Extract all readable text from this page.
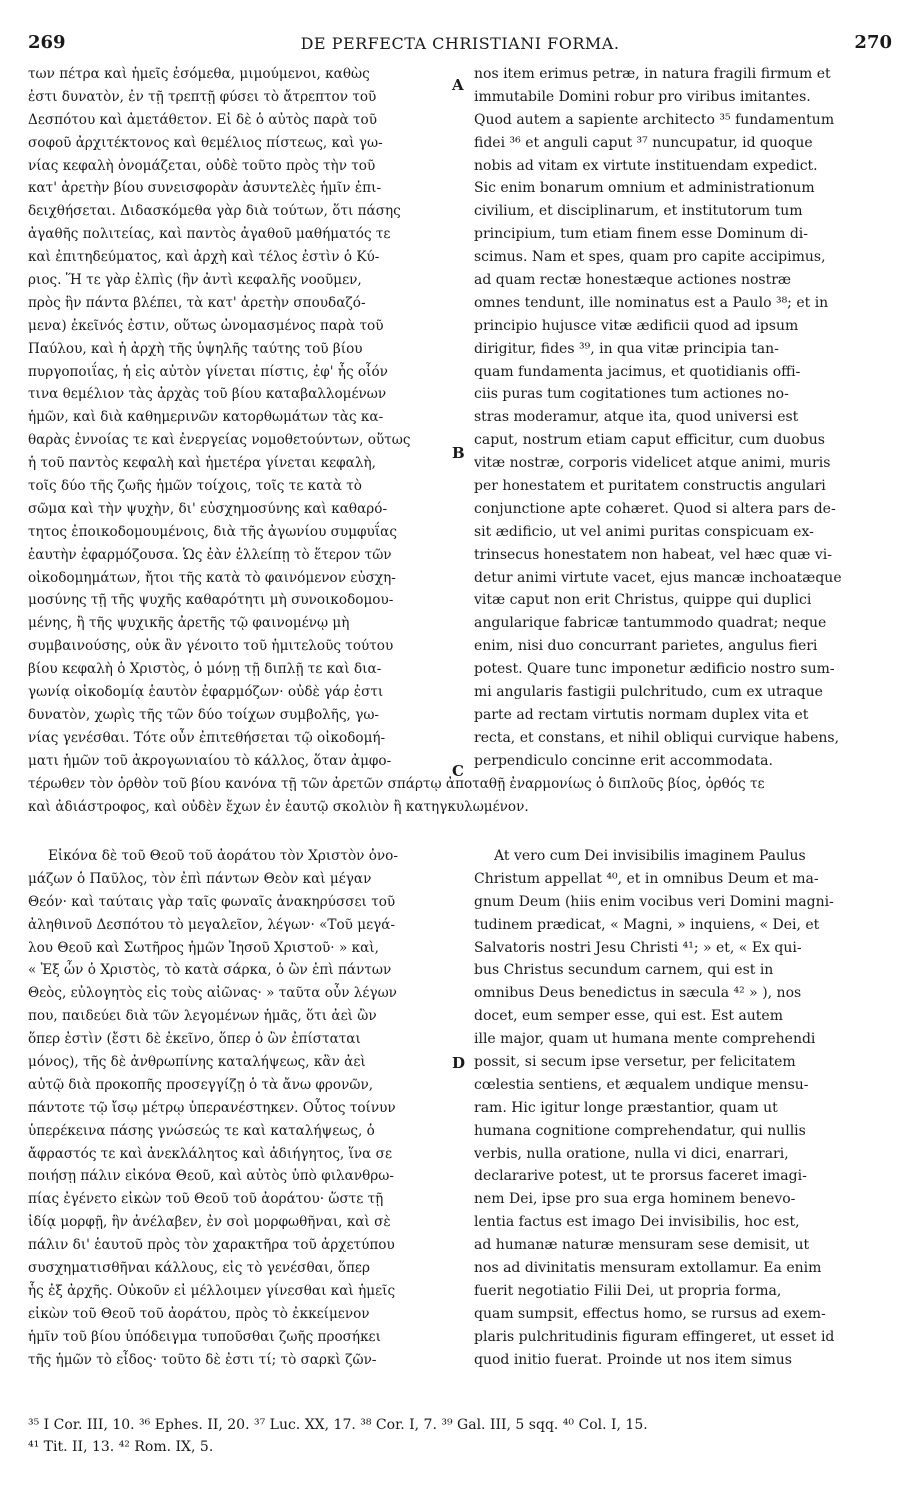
269	DE PERFECTA CHRISTIANI FORMA.	270
των πέτρα καὶ ἡμεῖς ἐσόμεθα, μιμούμενοι, καθὼς
ἐστι δυνατὸν, ἐν τῇ τρεπτῇ φύσει τὸ ἄτρεπτον τοῦ
Δεσπότου καὶ ἀμετάθετον. Εἰ δὲ ὁ αὐτὸς παρὰ τοῦ
σοφοῦ ἀρχιτέκτονος καὶ θεμέλιος πίστεως, καὶ γω-
νίας κεφαλὴ ὀνομάζεται, οὐδὲ τοῦτο πρὸς τὴν τοῦ
κατ' ἀρετὴν βίου συνεισφορὰν ἀσυντελὲς ἡμῖν ἐπι-
δειχθήσεται. Διδασκόμεθα γὰρ διὰ τούτων, ὅτι πάσης
ἀγαθῆς πολιτείας, καὶ παντὸς ἀγαθοῦ μαθήματός τε
καὶ ἐπιτηδεύματος, καὶ ἀρχὴ καὶ τέλος ἐστὶν ὁ Κύ-
ριος. Ἥ τε γὰρ ἐλπὶς (ἣν ἀντὶ κεφαλῆς νοοῦμεν,
πρὸς ἣν πάντα βλέπει, τὰ κατ' ἀρετὴν σπουδαζό-
μενα) ἐκεῖνός ἐστιν, οὕτως ὠνομασμένος παρὰ τοῦ
Παύλου, καὶ ἡ ἀρχὴ τῆς ὑψηλῆς ταύτης τοῦ βίου
πυργοποιΐας, ἡ εἰς αὐτὸν γίνεται πίστις, ἐφ' ἧς οἷόν
τινα θεμέλιον τὰς ἀρχὰς τοῦ βίου καταβαλλομένων
ἡμῶν, καὶ διὰ καθημερινῶν κατορθωμάτων τὰς κα-
θαρὰς ἐννοίας τε καὶ ἐνεργείας νομοθετούντων, οὕτως
ἡ τοῦ παντὸς κεφαλὴ καὶ ἡμετέρα γίνεται κεφαλὴ,
τοῖς δύο τῆς ζωῆς ἡμῶν τοίχοις, τοῖς τε κατὰ τὸ
σῶμα καὶ τὴν ψυχὴν, δι' εὐσχημοσύνης καὶ καθαρό-
τητος ἐποικοδομουμένοις, διὰ τῆς ἀγωνίου συμφυΐας
ἑαυτὴν ἐφαρμόζουσα. Ὡς ἐὰν ἐλλείπῃ τὸ ἕτερον τῶν
οἰκοδομημάτων, ἤτοι τῆς κατὰ τὸ φαινόμενον εὐσχη-
μοσύνης τῇ τῆς ψυχῆς καθαρότητι μὴ συνοικοδομου-
μένης, ἢ τῆς ψυχικῆς ἀρετῆς τῷ φαινομένῳ μὴ
συμβαινούσης, οὐκ ἂν γένοιτο τοῦ ἡμιτελοῦς τούτου
βίου κεφαλὴ ὁ Χριστὸς, ὁ μόνῃ τῇ διπλῇ τε καὶ δια-
γωνίᾳ οἰκοδομίᾳ ἑαυτὸν ἐφαρμόζων· οὐδὲ γάρ ἐστι
δυνατὸν, χωρὶς τῆς τῶν δύο τοίχων συμβολῆς, γω-
νίας γενέσθαι. Τότε οὖν ἐπιτεθήσεται τῷ οἰκοδομή-
ματι ἡμῶν τοῦ ἀκρογωνιαίου τὸ κάλλος, ὅταν ἀμφο-
nos item erimus petræ, in natura fragili firmum et
immutabile Domini robur pro viribus imitantes.
Quod autem a sapiente architecto ³⁵ fundamentum
fidei ³⁶ et anguli caput ³⁷ nuncupatur, id quoque
nobis ad vitam ex virtute instituendam expedict.
Sic enim bonarum omnium et administrationum
civilium, et disciplinarum, et institutorum tum
principium, tum etiam finem esse Dominum di-
scimus. Nam et spes, quam pro capite accipimus,
ad quam rectæ honestæque actiones nostræ
omnes tendunt, ille nominatus est a Paulo ³⁸; et in
principio hujusce vitæ ædificii quod ad ipsum
dirigitur, fides ³⁹, in qua vitæ principia tan-
quam fundamenta jacimus, et quotidianis offi-
ciis puras tum cogitationes tum actiones no-
stras moderamur, atque ita, quod universi est
caput, nostrum etiam caput efficitur, cum duobus
vitæ nostræ, corporis videlicet atque animi, muris
per honestatem et puritatem constructis angulari
conjunctione apte cohæret. Quod si altera pars de-
sit ædificio, ut vel animi puritas conspicuam ex-
trinsecus honestatem non habeat, vel hæc quæ vi-
detur animi virtute vacet, ejus mancæ inchoatæque
vitæ caput non erit Christus, quippe qui duplici
angularique fabricæ tantummodo quadrat; neque
enim, nisi duo concurrant parietes, angulus fieri
potest. Quare tunc imponetur ædificio nostro sum-
mi angularis fastigii pulchritudo, cum ex utraque
parte ad rectam virtutis normam duplex vita et
recta, et constans, et nihil obliqui curvique habens,
perpendiculo concinne erit accommodata.
τέρωθεν τὸν ὀρθὸν τοῦ βίου κανόνα τῇ τῶν ἀρετῶν σπάρτῳ ἀποταθῇ ἐναρμονίως ὁ διπλοῦς βίος, ὀρθός τε
καὶ ἀδιάστροφος, καὶ οὐδὲν ἔχων ἐν ἑαυτῷ σκολιὸν ἢ κατηγκυλωμένον.
Εἰκόνα δὲ τοῦ Θεοῦ τοῦ ἀοράτου τὸν Χριστὸν ὀνο-
μάζων ὁ Παῦλος, τὸν ἐπὶ πάντων Θεὸν καὶ μέγαν
Θεόν· καὶ ταύταις γὰρ ταῖς φωναῖς ἀνακηρύσσει τοῦ
ἀληθινοῦ Δεσπότου τὸ μεγαλεῖον, λέγων· «Τοῦ μεγά-
λου Θεοῦ καὶ Σωτῆρος ἡμῶν Ἰησοῦ Χριστοῦ· » καὶ,
« Ἐξ ὧν ὁ Χριστὸς, τὸ κατὰ σάρκα, ὁ ὢν ἐπὶ πάντων
Θεὸς, εὐλογητὸς εἰς τοὺς αἰῶνας· » ταῦτα οὖν λέγων
που, παιδεύει διὰ τῶν λεγομένων ἡμᾶς, ὅτι ἀεὶ ὢν
ὅπερ ἐστὶν (ἔστι δὲ ἐκεῖνο, ὅπερ ὁ ὢν ἐπίσταται
μόνος), τῆς δὲ ἀνθρωπίνης καταλήψεως, κἂν ἀεὶ
αὐτῷ διὰ προκοπῆς προσεγγίζῃ ὁ τὰ ἄνω φρονῶν,
πάντοτε τῷ ἴσῳ μέτρῳ ὑπερανέστηκεν. Οὗτος τοίνυν
ὑπερέκεινα πάσης γνώσεώς τε καὶ καταλήψεως, ὁ
ἄφραστός τε καὶ ἀνεκλάλητος καὶ ἀδιήγητος, ἵνα σε
ποιήσῃ πάλιν εἰκόνα Θεοῦ, καὶ αὐτὸς ὑπὸ φιλανθρω-
πίας ἐγένετο εἰκὼν τοῦ Θεοῦ τοῦ ἀοράτου· ὥστε τῇ
ἰδίᾳ μορφῇ, ἣν ἀνέλαβεν, ἐν σοὶ μορφωθῆναι, καὶ σὲ
πάλιν δι' ἑαυτοῦ πρὸς τὸν χαρακτῆρα τοῦ ἀρχετύπου
συσχηματισθῆναι κάλλους, εἰς τὸ γενέσθαι, ὅπερ
ἧς ἐξ ἀρχῆς. Οὐκοῦν εἰ μέλλοιμεν γίνεσθαι καὶ ἡμεῖς
εἰκὼν τοῦ Θεοῦ τοῦ ἀοράτου, πρὸς τὸ ἐκκείμενον
ἡμῖν τοῦ βίου ὑπόδειγμα τυποῦσθαι ζωῆς προσήκει
τῆς ἡμῶν τὸ εἶδος· τοῦτο δὲ ἐστι τί; τὸ σαρκὶ ζῶν-
At vero cum Dei invisibilis imaginem Paulus
Christum appellat ⁴⁰, et in omnibus Deum et ma-
gnum Deum (hiis enim vocibus veri Domini magni-
tudinem prædicat, « Magni, » inquiens, « Dei, et
Salvatoris nostri Jesu Christi ⁴¹; » et, « Ex qui-
bus Christus secundum carnem, qui est in
omnibus Deus benedictus in sæcula ⁴² » ), nos
docet, eum semper esse, qui est. Est autem
ille major, quam ut humana mente comprehendi
possit, si secum ipse versetur, per felicitatem
cœlestia sentiens, et æqualem undique mensu-
ram. Hic igitur longe præstantior, quam ut
humana cognitione comprehendatur, qui nullis
verbis, nulla oratione, nulla vi dici, enarrari,
declararive potest, ut te prorsus faceret imagi-
nem Dei, ipse pro sua erga hominem benevo-
lentia factus est imago Dei invisibilis, hoc est,
ad humanæ naturæ mensuram sese demisit, ut
nos ad divinitatis mensuram extollamur. Ea enim
fuerit negotiatio Filii Dei, ut propria forma,
quam sumpsit, effectus homo, se rursus ad exem-
plaris pulchritudinis figuram effingeret, ut esset id
quod initio fuerat. Proinde ut nos item simus
A
B
C
D
³⁵ I Cor. III, 10. ³⁶ Ephes. II, 20. ³⁷ Luc. XX, 17. ³⁸ Cor. I, 7. ³⁹ Gal. III, 5 sqq. ⁴⁰ Col. I, 15.
⁴¹ Tit. II, 13. ⁴² Rom. IX, 5.
